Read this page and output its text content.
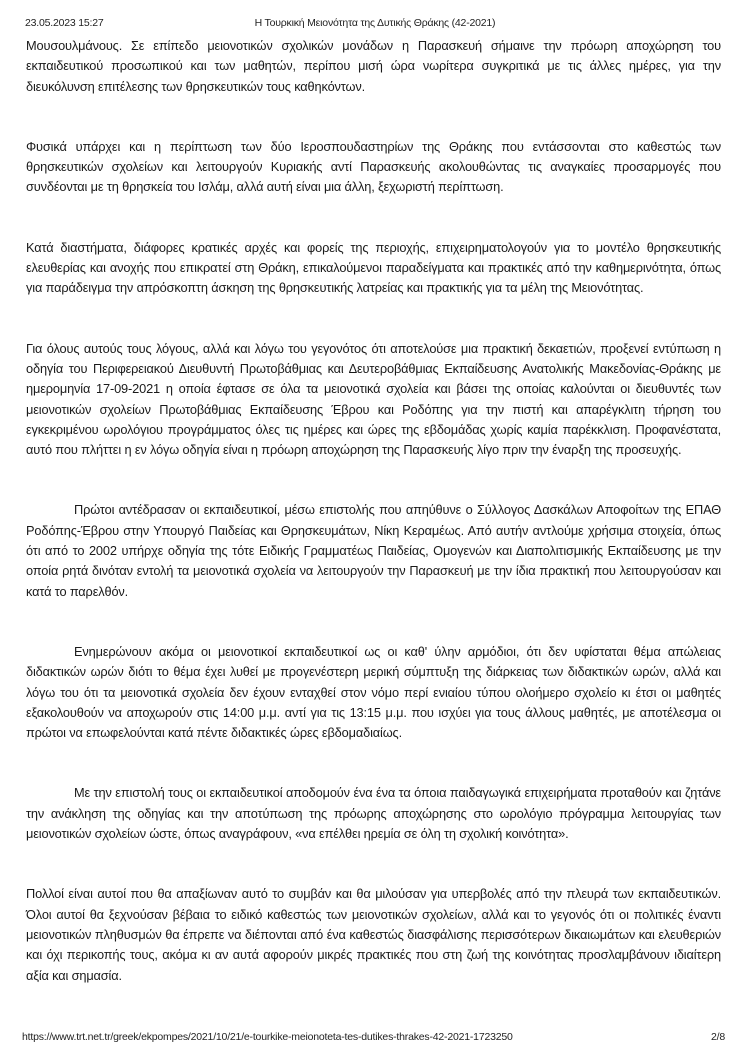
23.05.2023 15:27	Η Τουρκική Μειονότητα της Δυτικής Θράκης (42-2021)

Μουσουλμάνους. Σε επίπεδο μειονοτικών σχολικών μονάδων η Παρασκευή σήμαινε την πρόωρη αποχώρηση του εκπαιδευτικού προσωπικού και των μαθητών, περίπου μισή ώρα νωρίτερα συγκριτικά με τις άλλες ημέρες, για την διευκόλυνση επιτέλεσης των θρησκευτικών τους καθηκόντων.

Φυσικά υπάρχει και η περίπτωση των δύο Ιεροσπουδαστηρίων της Θράκης που εντάσσονται στο καθεστώς των θρησκευτικών σχολείων και λειτουργούν Κυριακής αντί Παρασκευής ακολουθώντας τις αναγκαίες προσαρμογές που συνδέονται με τη θρησκεία του Ισλάμ, αλλά αυτή είναι μια άλλη, ξεχωριστή περίπτωση.

Κατά διαστήματα, διάφορες κρατικές αρχές και φορείς της περιοχής, επιχειρηματολογούν για το μοντέλο θρησκευτικής ελευθερίας και ανοχής που επικρατεί στη Θράκη, επικαλούμενοι παραδείγματα και πρακτικές από την καθημερινότητα, όπως για παράδειγμα την απρόσκοπτη άσκηση της θρησκευτικής λατρείας και πρακτικής για τα μέλη της Μειονότητας.

Για όλους αυτούς τους λόγους, αλλά και λόγω του γεγονότος ότι αποτελούσε μια πρακτική δεκαετιών, προξενεί εντύπωση η οδηγία του Περιφερειακού Διευθυντή Πρωτοβάθμιας και Δευτεροβάθμιας Εκπαίδευσης Ανατολικής Μακεδονίας-Θράκης με ημερομηνία 17-09-2021 η οποία έφτασε σε όλα τα μειονοτικά σχολεία και βάσει της οποίας καλούνται οι διευθυντές των μειονοτικών σχολείων Πρωτοβάθμιας Εκπαίδευσης Έβρου και Ροδόπης για την πιστή και απαρέγκλιτη τήρηση του εγκεκριμένου ωρολόγιου προγράμματος όλες τις ημέρες και ώρες της εβδομάδας χωρίς καμία παρέκκλιση. Προφανέστατα, αυτό που πλήττει η εν λόγω οδηγία είναι η πρόωρη αποχώρηση της Παρασκευής λίγο πριν την έναρξη της προσευχής.

Πρώτοι αντέδρασαν οι εκπαιδευτικοί, μέσω επιστολής που απηύθυνε ο Σύλλογος Δασκάλων Αποφοίτων της ΕΠΑΘ Ροδόπης-Έβρου στην Υπουργό Παιδείας και Θρησκευμάτων, Νίκη Κεραμέως. Από αυτήν αντλούμε χρήσιμα στοιχεία, όπως ότι από το 2002 υπήρχε οδηγία της τότε Ειδικής Γραμματέως Παιδείας, Ομογενών και Διαπολιτισμικής Εκπαίδευσης με την οποία ρητά δινόταν εντολή τα μειονοτικά σχολεία να λειτουργούν την Παρασκευή με την ίδια πρακτική που λειτουργούσαν και κατά το παρελθόν.

Ενημερώνουν ακόμα οι μειονοτικοί εκπαιδευτικοί ως οι καθ' ύλην αρμόδιοι, ότι δεν υφίσταται θέμα απώλειας διδακτικών ωρών διότι το θέμα έχει λυθεί με προγενέστερη μερική σύμπτυξη της διάρκειας των διδακτικών ωρών, αλλά και λόγω του ότι τα μειονοτικά σχολεία δεν έχουν ενταχθεί στον νόμο περί ενιαίου τύπου ολοήμερο σχολείο κι έτσι οι μαθητές εξακολουθούν να αποχωρούν στις 14:00 μ.μ. αντί για τις 13:15 μ.μ. που ισχύει για τους άλλους μαθητές, με αποτέλεσμα οι πρώτοι να επωφελούνται κατά πέντε διδακτικές ώρες εβδομαδιαίως.

Με την επιστολή τους οι εκπαιδευτικοί αποδομούν ένα ένα τα όποια παιδαγωγικά επιχειρήματα προταθούν και ζητάνε την ανάκληση της οδηγίας και την αποτύπωση της πρόωρης αποχώρησης στο ωρολόγιο πρόγραμμα λειτουργίας των μειονοτικών σχολείων ώστε, όπως αναγράφουν, «να επέλθει ηρεμία σε όλη τη σχολική κοινότητα».

Πολλοί είναι αυτοί που θα απαξίωναν αυτό το συμβάν και θα μιλούσαν για υπερβολές από την πλευρά των εκπαιδευτικών. Όλοι αυτοί θα ξεχνούσαν βέβαια το ειδικό καθεστώς των μειονοτικών σχολείων, αλλά και το γεγονός ότι οι πολιτικές έναντι μειονοτικών πληθυσμών θα έπρεπε να διέπονται από ένα καθεστώς διασφάλισης περισσότερων δικαιωμάτων και ελευθεριών και όχι περικοπής τους, ακόμα κι αν αυτά αφορούν μικρές πρακτικές που στη ζωή της κοινότητας προσλαμβάνουν ιδιαίτερη αξία και σημασία.

https://www.trt.net.tr/greek/ekpompes/2021/10/21/e-tourkike-meionoteta-tes-dutikes-thrakes-42-2021-1723250	2/8
